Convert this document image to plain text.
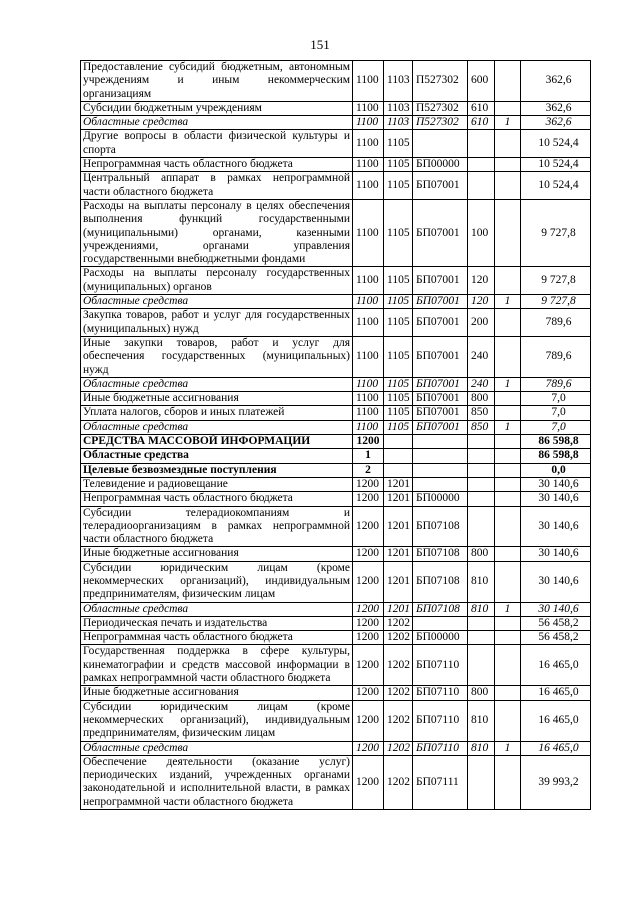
151
Предоставление субсидий бюджетным, автономным
учреждениям и иным некоммерческим
организациям	1100	1103	П527302	600		362,6

Субсидии бюджетным учреждениям	1100	1103	П527302	610		362,6

Областные средства	1100	1103	П527302	610	1	362,6

Другие вопросы в области физической культуры и
спорта	1100	1105				10 524,4

Непрограммная часть областного бюджета	1100	1105	БП00000			10 524,4

Центральный аппарат в рамках непрограммной
части областного бюджета	1100	1105	БП07001			10 524,4

Расходы на выплаты персоналу в целях обеспечения
выполнения функций государственными
(муниципальными) органами, казенными
учреждениями, органами управления
государственными внебюджетными фондами	1100	1105	БП07001	100		9 727,8

Расходы на выплаты персоналу государственных
(муниципальных) органов	1100	1105	БП07001	120		9 727,8

Областные средства	1100	1105	БП07001	120	1	9 727,8

Закупка товаров, работ и услуг для государственных
(муниципальных) нужд	1100	1105	БП07001	200		789,6

Иные закупки товаров, работ и услуг для
обеспечения государственных (муниципальных)
нужд	1100	1105	БП07001	240		789,6

Областные средства	1100	1105	БП07001	240	1	789,6

Иные бюджетные ассигнования	1100	1105	БП07001	800		7,0

Уплата налогов, сборов и иных платежей	1100	1105	БП07001	850		7,0

Областные средства	1100	1105	БП07001	850	1	7,0

СРЕДСТВА МАССОВОЙ ИНФОРМАЦИИ	1200					86 598,8

Областные средства	1					86 598,8

Целевые безвозмездные поступления	2					0,0

Телевидение и радиовещание	1200	1201				30 140,6

Непрограммная часть областного бюджета	1200	1201	БП00000			30 140,6

Субсидии телерадиокомпаниям и
телерадиоорганизациям в рамках непрограммной
части областного бюджета	1200	1201	БП07108			30 140,6

Иные бюджетные ассигнования	1200	1201	БП07108	800		30 140,6

Субсидии юридическим лицам (кроме
некоммерческих организаций), индивидуальным
предпринимателям, физическим лицам	1200	1201	БП07108	810		30 140,6

Областные средства	1200	1201	БП07108	810	1	30 140,6

Периодическая печать и издательства	1200	1202				56 458,2

Непрограммная часть областного бюджета	1200	1202	БП00000			56 458,2

Государственная поддержка в сфере культуры,
кинематографии и средств массовой информации в
рамках непрограммной части областного бюджета	1200	1202	БП07110			16 465,0

Иные бюджетные ассигнования	1200	1202	БП07110	800		16 465,0

Субсидии юридическим лицам (кроме
некоммерческих организаций), индивидуальным
предпринимателям, физическим лицам	1200	1202	БП07110	810		16 465,0

Областные средства	1200	1202	БП07110	810	1	16 465,0

Обеспечение деятельности (оказание услуг)
периодических изданий, учрежденных органами
законодательной и исполнительной власти, в рамках
непрограммной части областного бюджета	1200	1202	БП07111			39 993,2
